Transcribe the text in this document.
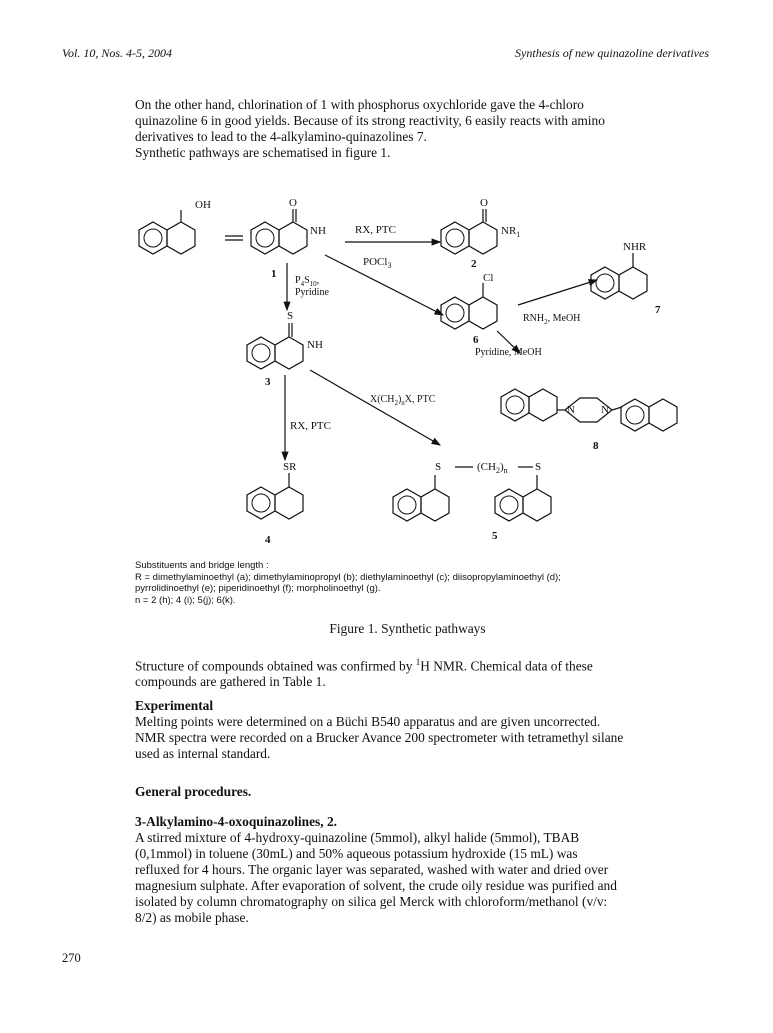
Vol. 10, Nos. 4-5, 2004	Synthesis of new quinazoline derivatives

On the other hand, chlorination of 1 with phosphorus oxychloride gave the 4-chloro

quinazoline 6 in good yields. Because of its strong reactivity, 6 easily reacts with amino

derivatives to lead to the 4-alkylamino-quinazolines 7.

Synthetic pathways are schematised in figure 1.

OH	O	O
NH	$NR_1$
NHR
Cl
S
NH
SR	S	S
$(CH_2)_n$
N
N
1
2
3
4	5
6
7
8
RX, PTC
POCl$_3$
$P_4S_{10}$,
Pyridine
$RNH_2$, MeOH
Pyridine, MeOH
$X(CH_2)_nX$, PTC
RX, PTC
Substituents and bridge length :
R = dimethylaminoethyl (a); dimethylaminopropyl (b); diethylaminoethyl (c); diisopropylaminoethyl (d);
pyrrolidinoethyl (e); piperidinoethyl (f); morpholinoethyl (g).
n = 2 (h); 4 (i); 5(j); 6(k).
Figure 1. Synthetic pathways

Structure of compounds obtained was confirmed by $^1$H NMR. Chemical data of these

compounds are gathered in Table 1.

Experimental

Melting points were determined on a Büchi B540 apparatus and are given uncorrected.

NMR spectra were recorded on a Brucker Avance 200 spectrometer with tetramethyl silane

used as internal standard.

General procedures.

3-Alkylamino-4-oxoquinazolines, 2.

A stirred mixture of 4-hydroxy-quinazoline (5mmol), alkyl halide (5mmol), TBAB

(0,1mmol) in toluene (30mL) and 50% aqueous potassium hydroxide (15 mL) was

refluxed for 4 hours. The organic layer was separated, washed with water and dried over

magnesium sulphate. After evaporation of solvent, the crude oily residue was purified and

isolated by column chromatography on silica gel Merck with chloroform/methanol (v/v:

8/2) as mobile phase.

270
